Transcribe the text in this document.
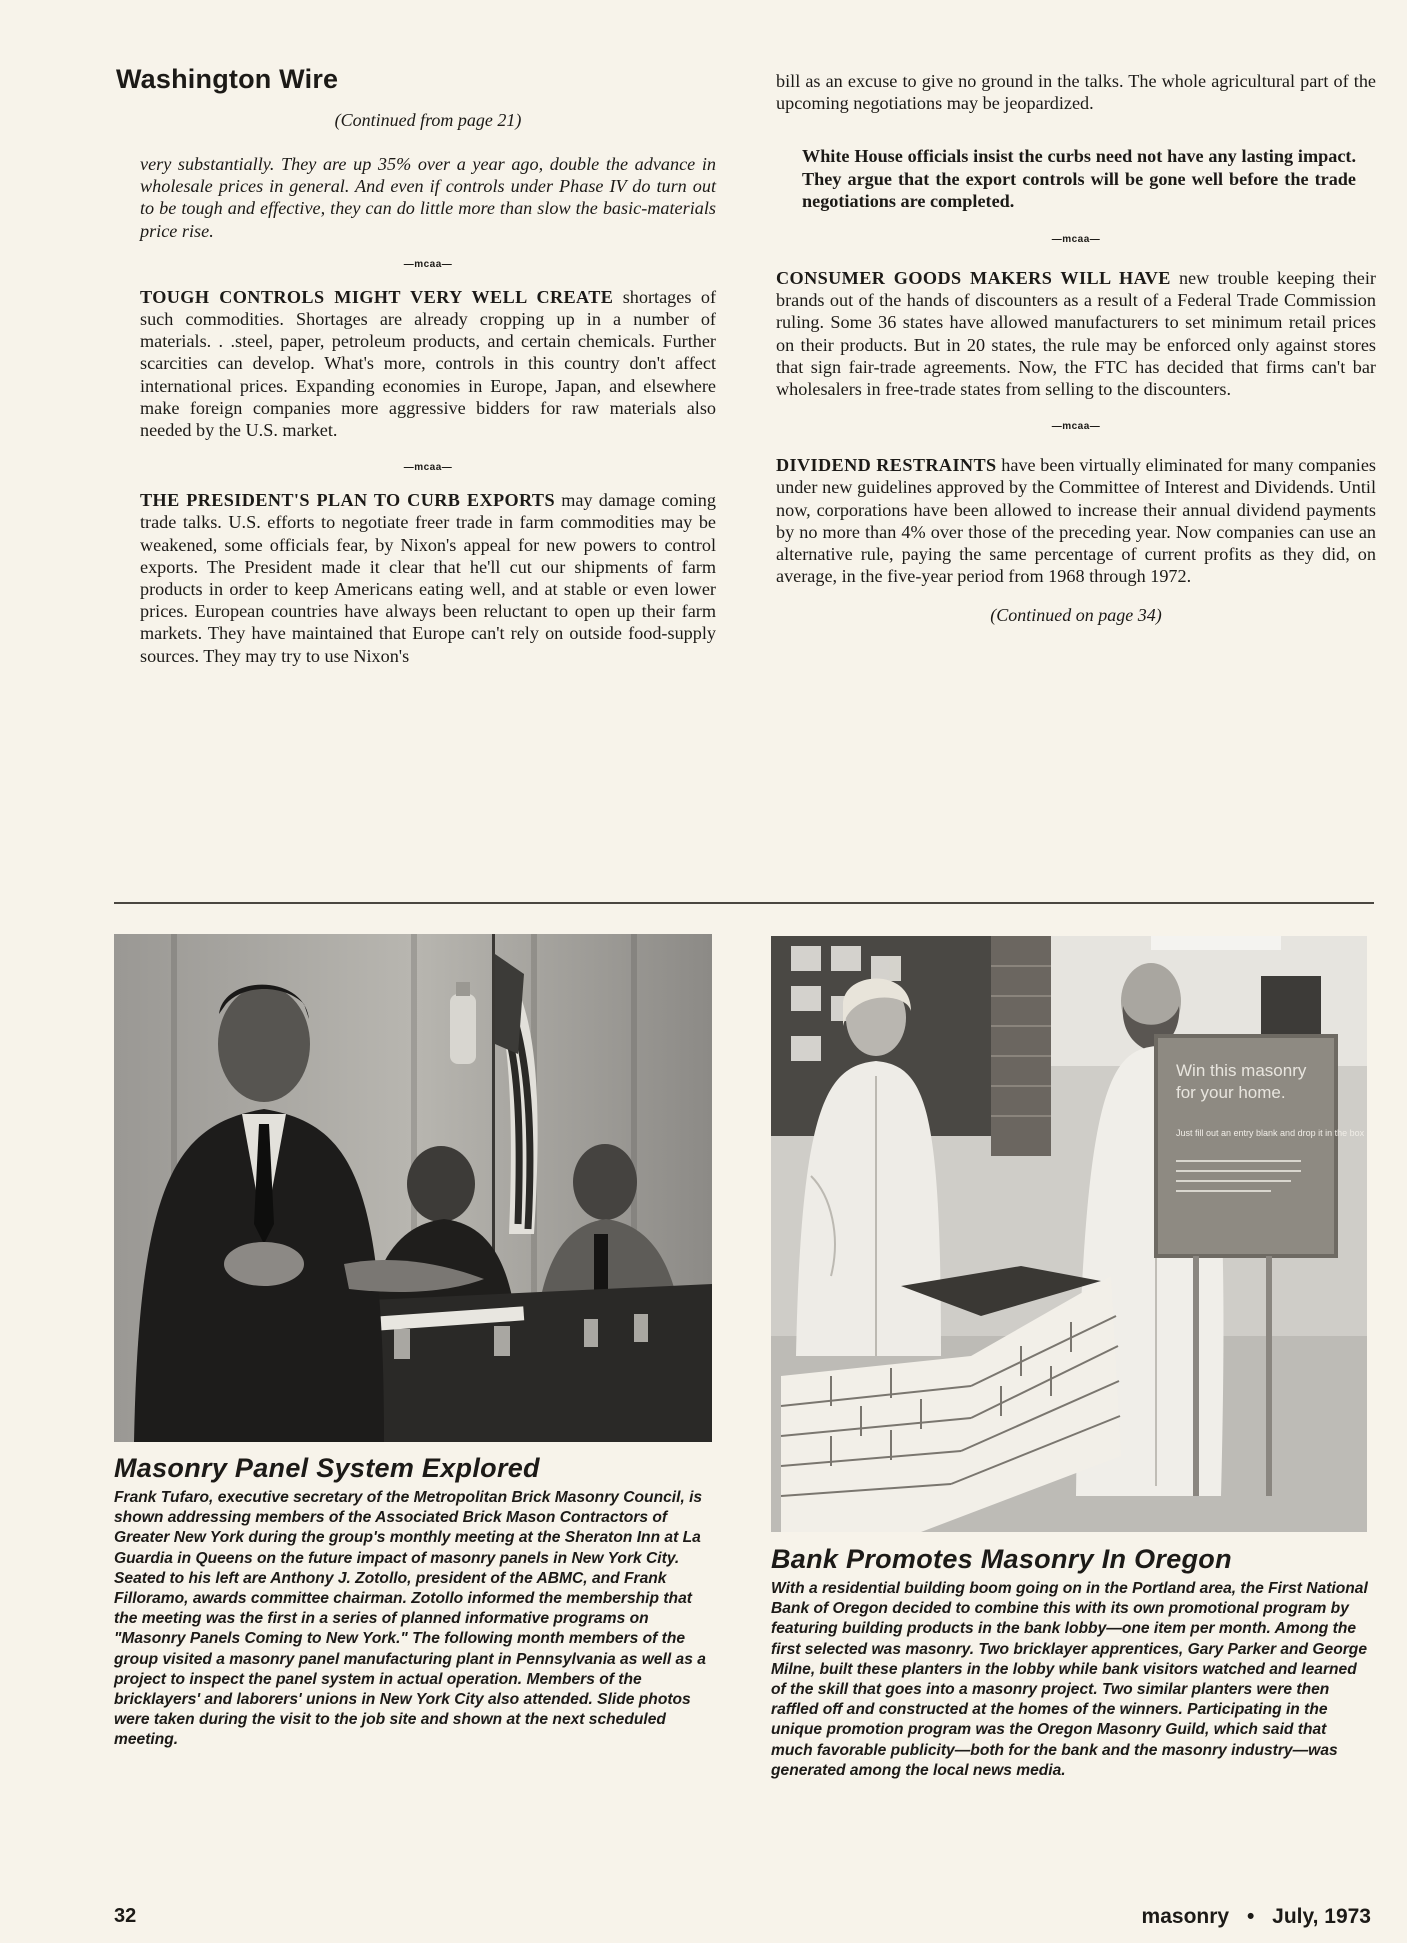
Washington Wire

(Continued from page 21)

very substantially. They are up 35% over a year ago, double the advance in wholesale prices in general. And even if controls under Phase IV do turn out to be tough and effective, they can do little more than slow the basic-materials price rise.

—mcaa—

TOUGH CONTROLS MIGHT VERY WELL CREATE shortages of such commodities. Shortages are already cropping up in a number of materials. . .steel, paper, petroleum products, and certain chemicals. Further scarcities can develop. What's more, controls in this country don't affect international prices. Expanding economies in Europe, Japan, and elsewhere make foreign companies more aggressive bidders for raw materials also needed by the U.S. market.

—mcaa—

THE PRESIDENT'S PLAN TO CURB EXPORTS may damage coming trade talks. U.S. efforts to negotiate freer trade in farm commodities may be weakened, some officials fear, by Nixon's appeal for new powers to control exports. The President made it clear that he'll cut our shipments of farm products in order to keep Americans eating well, and at stable or even lower prices. European countries have always been reluctant to open up their farm markets. They have maintained that Europe can't rely on outside food-supply sources. They may try to use Nixon's

bill as an excuse to give no ground in the talks. The whole agricultural part of the upcoming negotiations may be jeopardized.

White House officials insist the curbs need not have any lasting impact. They argue that the export controls will be gone well before the trade negotiations are completed.

—mcaa—

CONSUMER GOODS MAKERS WILL HAVE new trouble keeping their brands out of the hands of discounters as a result of a Federal Trade Commission ruling. Some 36 states have allowed manufacturers to set minimum retail prices on their products. But in 20 states, the rule may be enforced only against stores that sign fair-trade agreements. Now, the FTC has decided that firms can't bar wholesalers in free-trade states from selling to the discounters.

—mcaa—

DIVIDEND RESTRAINTS have been virtually eliminated for many companies under new guidelines approved by the Committee of Interest and Dividends. Until now, corporations have been allowed to increase their annual dividend payments by no more than 4% over those of the preceding year. Now companies can use an alternative rule, paying the same percentage of current profits as they did, on average, in the five-year period from 1968 through 1972.

(Continued on page 34)

Masonry Panel System Explored

Frank Tufaro, executive secretary of the Metropolitan Brick Masonry Council, is shown addressing members of the Associated Brick Mason Contractors of Greater New York during the group's monthly meeting at the Sheraton Inn at La Guardia in Queens on the future impact of masonry panels in New York City. Seated to his left are Anthony J. Zotollo, president of the ABMC, and Frank Filloramo, awards committee chairman. Zotollo informed the membership that the meeting was the first in a series of planned informative programs on "Masonry Panels Coming to New York." The following month members of the group visited a masonry panel manufacturing plant in Pennsylvania as well as a project to inspect the panel system in actual operation. Members of the bricklayers' and laborers' unions in New York City also attended. Slide photos were taken during the visit to the job site and shown at the next scheduled meeting.

Win this masonry
for your home.
Just fill out an entry blank and drop it in the box
Bank Promotes Masonry In Oregon

With a residential building boom going on in the Portland area, the First National Bank of Oregon decided to combine this with its own promotional program by featuring building products in the bank lobby—one item per month. Among the first selected was masonry. Two bricklayer apprentices, Gary Parker and George Milne, built these planters in the lobby while bank visitors watched and learned of the skill that goes into a masonry project. Two similar planters were then raffled off and constructed at the homes of the winners. Participating in the unique promotion program was the Oregon Masonry Guild, which said that much favorable publicity—both for the bank and the masonry industry—was generated among the local news media.

32	masonry • July, 1973
